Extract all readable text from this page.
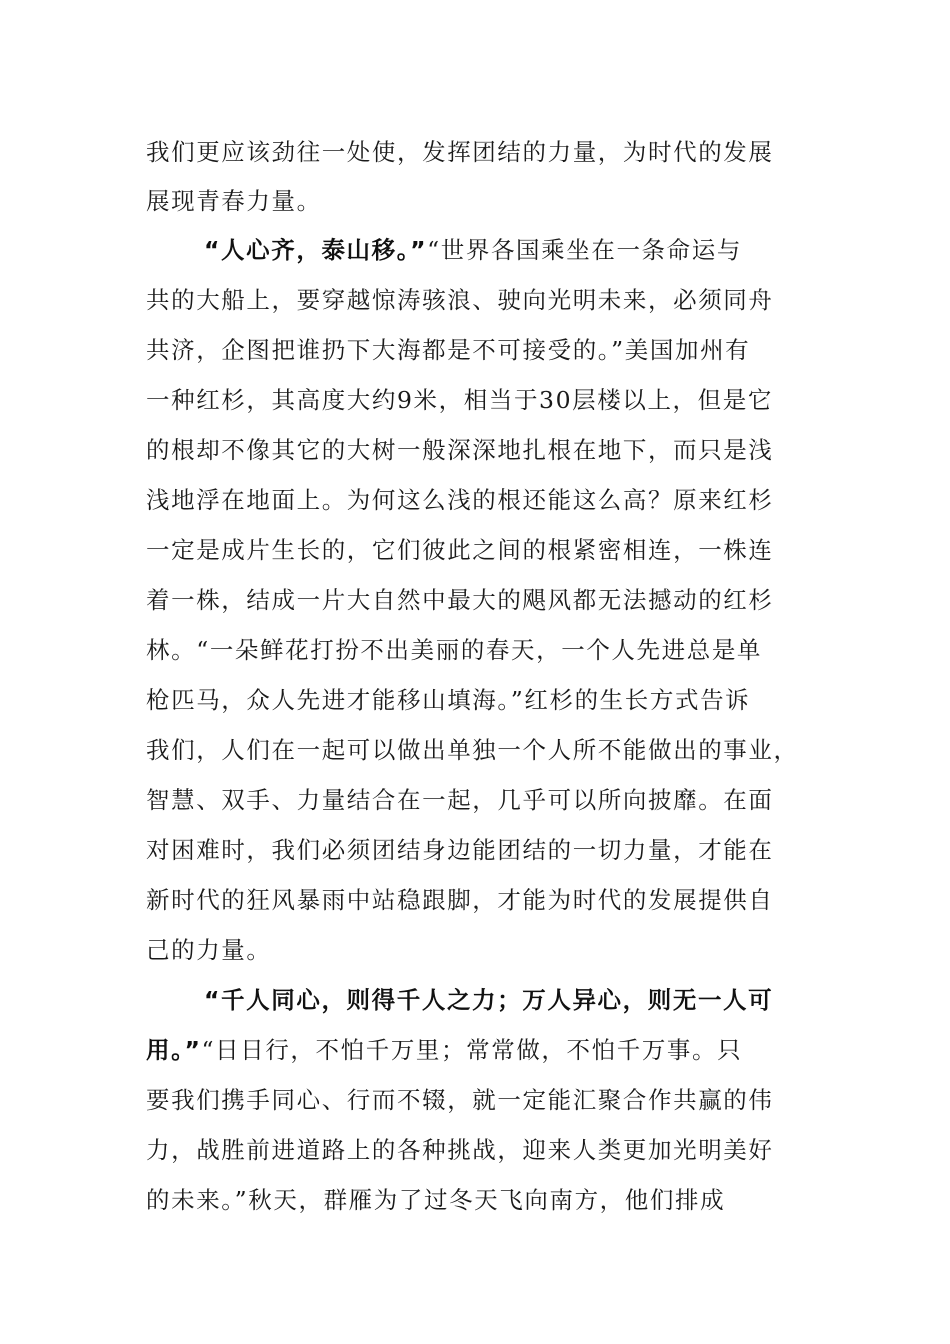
我们更应该劲往一处使，发挥团结的力量，为时代的发展
展现青春力量。
“人心齐，泰山移。”“世界各国乘坐在一条命运与
共的大船上，要穿越惊涛骇浪、驶向光明未来，必须同舟
共济，企图把谁扔下大海都是不可接受的。”美国加州有
一种红杉，其高度大约9米，相当于30层楼以上，但是它
的根却不像其它的大树一般深深地扎根在地下，而只是浅
浅地浮在地面上。为何这么浅的根还能这么高？原来红杉
一定是成片生长的，它们彼此之间的根紧密相连，一株连
着一株，结成一片大自然中最大的飓风都无法撼动的红杉
林。“一朵鲜花打扮不出美丽的春天，一个人先进总是单
枪匹马，众人先进才能移山填海。”红杉的生长方式告诉
我们，人们在一起可以做出单独一个人所不能做出的事业，
智慧、双手、力量结合在一起，几乎可以所向披靡。在面
对困难时，我们必须团结身边能团结的一切力量，才能在
新时代的狂风暴雨中站稳跟脚，才能为时代的发展提供自
己的力量。
“千人同心，则得千人之力；万人异心，则无一人可
用。”“日日行，不怕千万里；常常做，不怕千万事。只
要我们携手同心、行而不辍，就一定能汇聚合作共赢的伟
力，战胜前进道路上的各种挑战，迎来人类更加光明美好
的未来。”秋天，群雁为了过冬天飞向南方，他们排成
